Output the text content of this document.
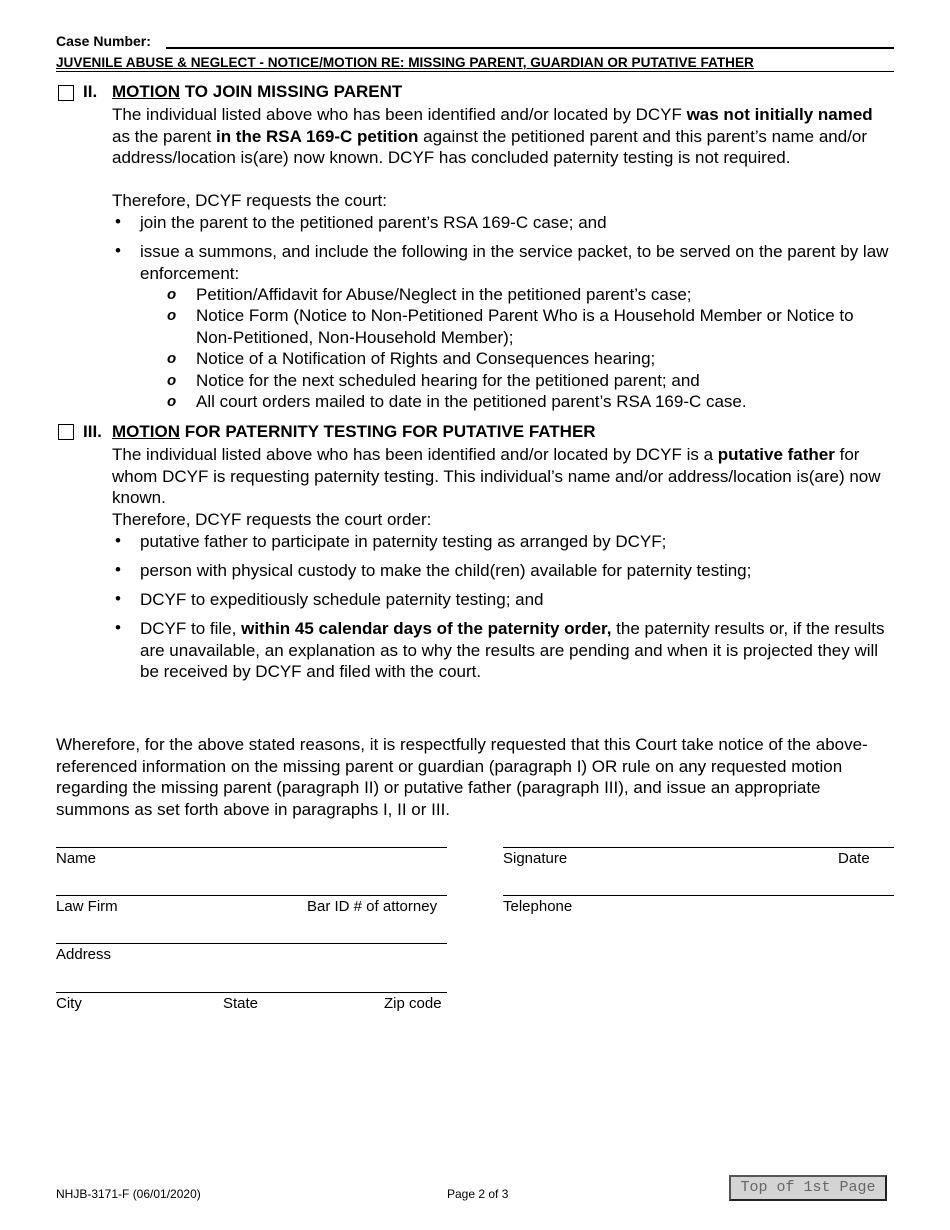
Case Number:
JUVENILE ABUSE & NEGLECT - NOTICE/MOTION RE: MISSING PARENT, GUARDIAN OR PUTATIVE FATHER
II. MOTION TO JOIN MISSING PARENT
The individual listed above who has been identified and/or located by DCYF was not initially named as the parent in the RSA 169-C petition against the petitioned parent and this parent’s name and/or address/location is(are) now known. DCYF has concluded paternity testing is not required.
Therefore, DCYF requests the court:
• join the parent to the petitioned parent’s RSA 169-C case; and
• issue a summons, and include the following in the service packet, to be served on the parent by law enforcement:
o Petition/Affidavit for Abuse/Neglect in the petitioned parent’s case;
o Notice Form (Notice to Non-Petitioned Parent Who is a Household Member or Notice to Non-Petitioned, Non-Household Member);
o Notice of a Notification of Rights and Consequences hearing;
o Notice for the next scheduled hearing for the petitioned parent; and
o All court orders mailed to date in the petitioned parent’s RSA 169-C case.
III. MOTION FOR PATERNITY TESTING FOR PUTATIVE FATHER
The individual listed above who has been identified and/or located by DCYF is a putative father for whom DCYF is requesting paternity testing. This individual’s name and/or address/location is(are) now known.
Therefore, DCYF requests the court order:
• putative father to participate in paternity testing as arranged by DCYF;
• person with physical custody to make the child(ren) available for paternity testing;
• DCYF to expeditiously schedule paternity testing; and
• DCYF to file, within 45 calendar days of the paternity order, the paternity results or, if the results are unavailable, an explanation as to why the results are pending and when it is projected they will be received by DCYF and filed with the court.
Wherefore, for the above stated reasons, it is respectfully requested that this Court take notice of the above-referenced information on the missing parent or guardian (paragraph I) OR rule on any requested motion regarding the missing parent (paragraph II) or putative father (paragraph III), and issue an appropriate summons as set forth above in paragraphs I, II or III.
Name
Law Firm	Bar ID # of attorney
Address
City	State	Zip code
Signature	Date
Telephone
NHJB-3171-F (06/01/2020)	Page 2 of 3	Top of 1st Page
